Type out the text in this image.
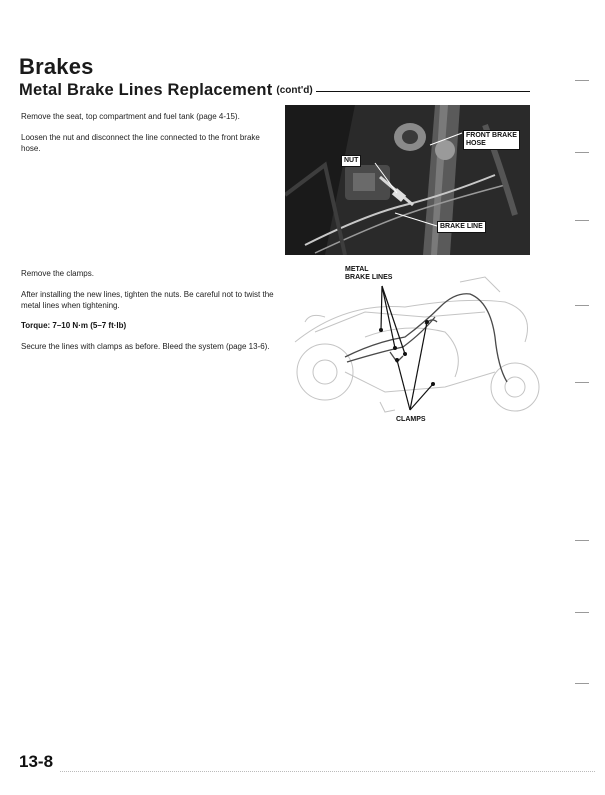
Brakes
Metal Brake Lines Replacement (cont'd)

Remove the seat, top compartment and fuel tank (page 4-15).

Loosen the nut and disconnect the line connected to the front brake hose.

Remove the clamps.

After installing the new lines, tighten the nuts. Be careful not to twist the metal lines when tightening.

Torque: 7–10 N·m (5–7 ft·lb)

Secure the lines with clamps as before. Bleed the system (page 13-6).

FRONT BRAKE
HOSE
NUT
BRAKE LINE
METAL
BRAKE LINES
CLAMPS

13-8
